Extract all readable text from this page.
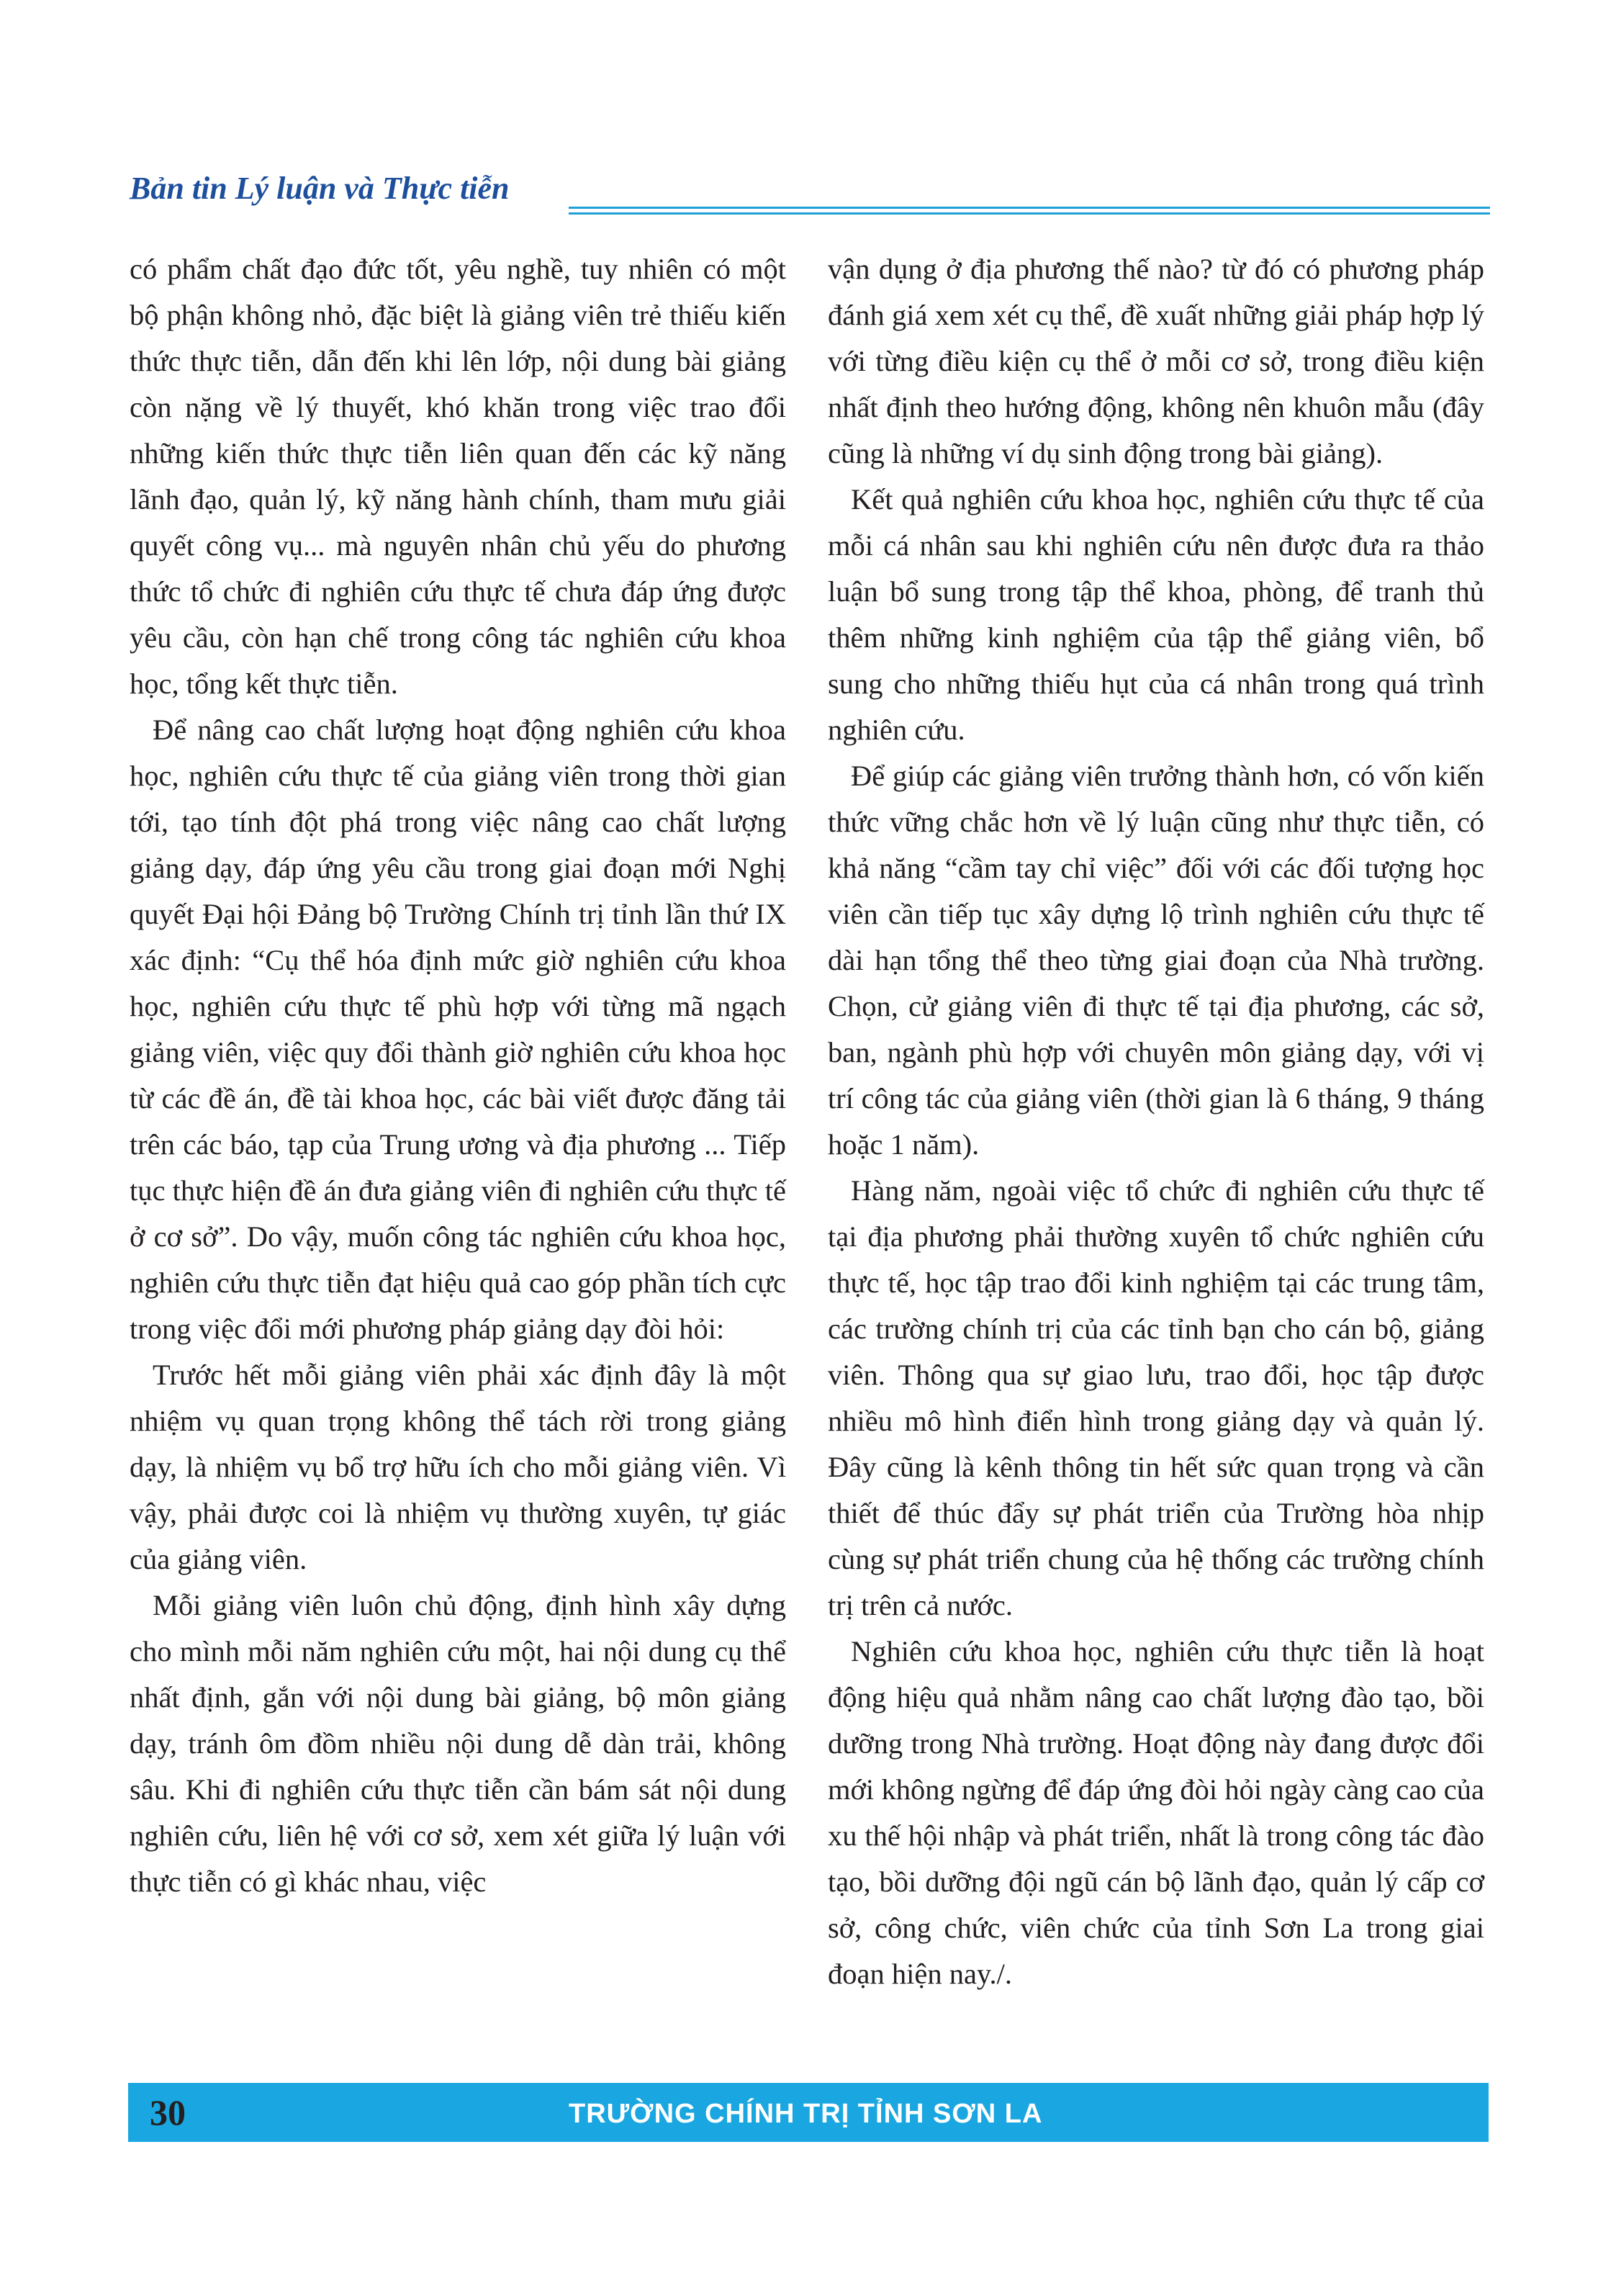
Bản tin Lý luận và Thực tiễn

có phẩm chất đạo đức tốt, yêu nghề, tuy nhiên có một bộ phận không nhỏ, đặc biệt là giảng viên trẻ thiếu kiến thức thực tiễn, dẫn đến khi lên lớp, nội dung bài giảng còn nặng về lý thuyết, khó khăn trong việc trao đổi những kiến thức thực tiễn liên quan đến các kỹ năng lãnh đạo, quản lý, kỹ năng hành chính, tham mưu giải quyết công vụ... mà nguyên nhân chủ yếu do phương thức tổ chức đi nghiên cứu thực tế chưa đáp ứng được yêu cầu, còn hạn chế trong công tác nghiên cứu khoa học, tổng kết thực tiễn.

Để nâng cao chất lượng hoạt động nghiên cứu khoa học, nghiên cứu thực tế của giảng viên trong thời gian tới, tạo tính đột phá trong việc nâng cao chất lượng giảng dạy, đáp ứng yêu cầu trong giai đoạn mới Nghị quyết Đại hội Đảng bộ Trường Chính trị tỉnh lần thứ IX xác định: “Cụ thể hóa định mức giờ nghiên cứu khoa học, nghiên cứu thực tế phù hợp với từng mã ngạch giảng viên, việc quy đổi thành giờ nghiên cứu khoa học từ các đề án, đề tài khoa học, các bài viết được đăng tải trên các báo, tạp của Trung ương và địa phương ... Tiếp tục thực hiện đề án đưa giảng viên đi nghiên cứu thực tế ở cơ sở”. Do vậy, muốn công tác nghiên cứu khoa học, nghiên cứu thực tiễn đạt hiệu quả cao góp phần tích cực trong việc đổi mới phương pháp giảng dạy đòi hỏi:

Trước hết mỗi giảng viên phải xác định đây là một nhiệm vụ quan trọng không thể tách rời trong giảng dạy, là nhiệm vụ bổ trợ hữu ích cho mỗi giảng viên. Vì vậy, phải được coi là nhiệm vụ thường xuyên, tự giác của giảng viên.

Mỗi giảng viên luôn chủ động, định hình xây dựng cho mình mỗi năm nghiên cứu một, hai nội dung cụ thể nhất định, gắn với nội dung bài giảng, bộ môn giảng dạy, tránh ôm đồm nhiều nội dung dễ dàn trải, không sâu. Khi đi nghiên cứu thực tiễn cần bám sát nội dung nghiên cứu, liên hệ với cơ sở, xem xét giữa lý luận với thực tiễn có gì khác nhau, việc

vận dụng ở địa phương thế nào? từ đó có phương pháp đánh giá xem xét cụ thể, đề xuất những giải pháp hợp lý với từng điều kiện cụ thể ở mỗi cơ sở, trong điều kiện nhất định theo hướng động, không nên khuôn mẫu (đây cũng là những ví dụ sinh động trong bài giảng).

Kết quả nghiên cứu khoa học, nghiên cứu thực tế của mỗi cá nhân sau khi nghiên cứu nên được đưa ra thảo luận bổ sung trong tập thể khoa, phòng, để tranh thủ thêm những kinh nghiệm của tập thể giảng viên, bổ sung cho những thiếu hụt của cá nhân trong quá trình nghiên cứu.

Để giúp các giảng viên trưởng thành hơn, có vốn kiến thức vững chắc hơn về lý luận cũng như thực tiễn, có khả năng “cầm tay chỉ việc” đối với các đối tượng học viên cần tiếp tục xây dựng lộ trình nghiên cứu thực tế dài hạn tổng thể theo từng giai đoạn của Nhà trường. Chọn, cử giảng viên đi thực tế tại địa phương, các sở, ban, ngành phù hợp với chuyên môn giảng dạy, với vị trí công tác của giảng viên (thời gian là 6 tháng, 9 tháng hoặc 1 năm).

Hàng năm, ngoài việc tổ chức đi nghiên cứu thực tế tại địa phương phải thường xuyên tổ chức nghiên cứu thực tế, học tập trao đổi kinh nghiệm tại các trung tâm, các trường chính trị của các tỉnh bạn cho cán bộ, giảng viên. Thông qua sự giao lưu, trao đổi, học tập được nhiều mô hình điển hình trong giảng dạy và quản lý. Đây cũng là kênh thông tin hết sức quan trọng và cần thiết để thúc đẩy sự phát triển của Trường hòa nhịp cùng sự phát triển chung của hệ thống các trường chính trị trên cả nước.

Nghiên cứu khoa học, nghiên cứu thực tiễn là hoạt động hiệu quả nhằm nâng cao chất lượng đào tạo, bồi dưỡng trong Nhà trường. Hoạt động này đang được đổi mới không ngừng để đáp ứng đòi hỏi ngày càng cao của xu thế hội nhập và phát triển, nhất là trong công tác đào tạo, bồi dưỡng đội ngũ cán bộ lãnh đạo, quản lý cấp cơ sở, công chức, viên chức của tỉnh Sơn La trong giai đoạn hiện nay./.

30	TRƯỜNG CHÍNH TRỊ TỈNH SƠN LA
